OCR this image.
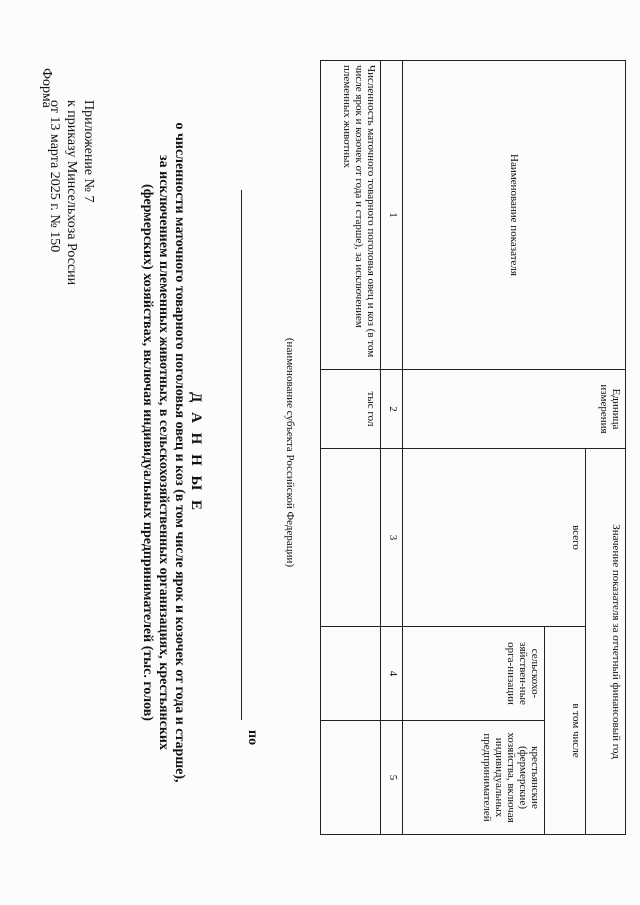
Приложение № 7
к приказу Минсельхоза России
от 13 марта 2025 г. № 150
Форма
Д А Н Н Ы Е
о численности маточного товарного поголовья овец и коз (в том числе ярок и козочек от года и старше),
за исключением племенных животных, в сельскохозяйственных организациях, крестьянских
(фермерских) хозяйствах, включая индивидуальных предпринимателей (тыс. голов)
по
(наименование субъекта Российской Федерации)
Наименование показателя	Единица измерения	Значение показателя за отчетный финансовый год		
		всего	в том числе	
			сельскохо-зяйствен-ные орга-низации	крестьянские (фермерские) хозяйства, включая индивидуальных предпринимателей
1	2	3	4	5
Численность маточного товарного поголовья овец и коз (в том числе ярок и козочек от года и старше), за исключением племенных животных	тыс гол			
